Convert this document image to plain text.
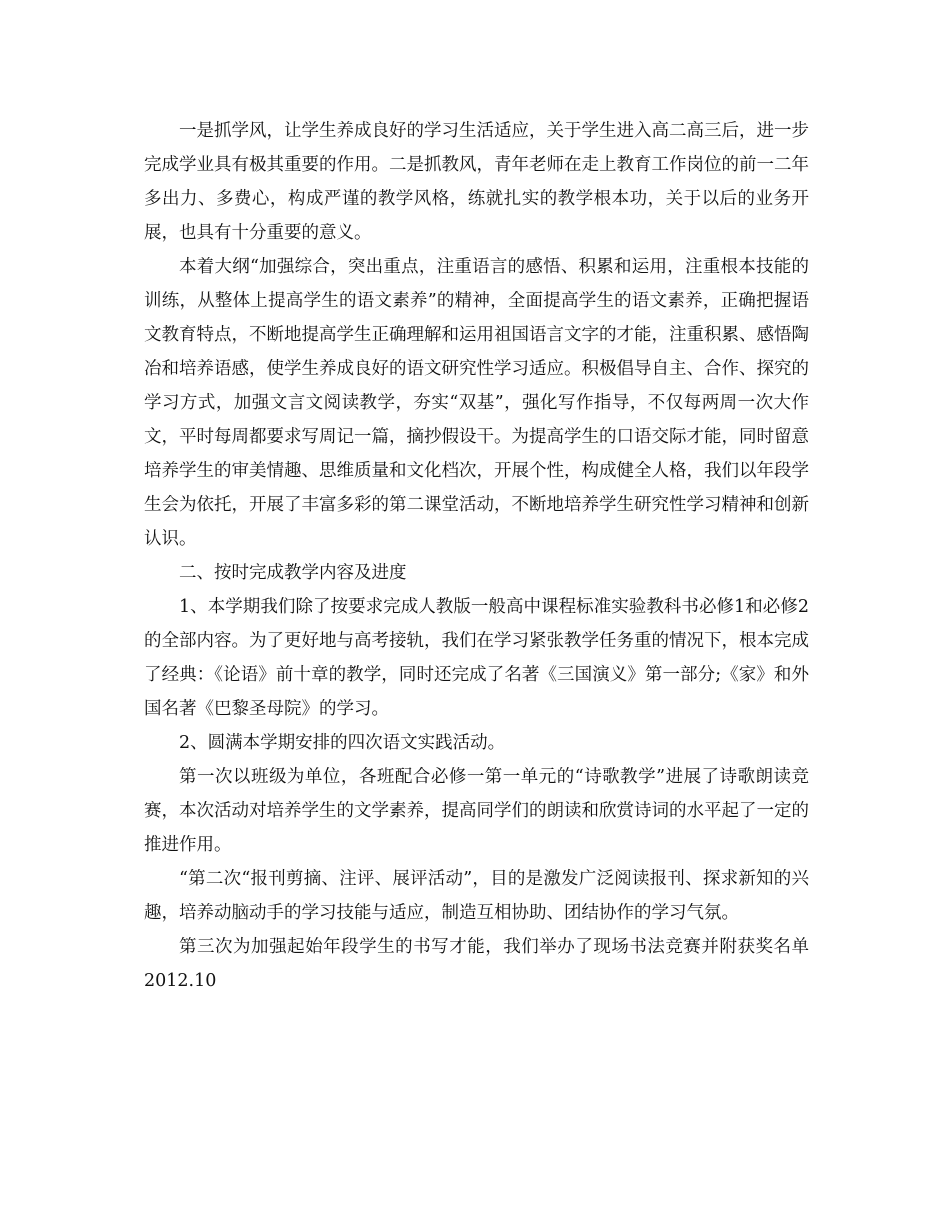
一是抓学风，让学生养成良好的学习生活适应，关于学生进入高二高三后，进一步完成学业具有极其重要的作用。二是抓教风，青年老师在走上教育工作岗位的前一二年多出力、多费心，构成严谨的教学风格，练就扎实的教学根本功，关于以后的业务开展，也具有十分重要的意义。

本着大纲“加强综合，突出重点，注重语言的感悟、积累和运用，注重根本技能的训练，从整体上提高学生的语文素养”的精神，全面提高学生的语文素养，正确把握语文教育特点，不断地提高学生正确理解和运用祖国语言文字的才能，注重积累、感悟陶冶和培养语感，使学生养成良好的语文研究性学习适应。积极倡导自主、合作、探究的学习方式，加强文言文阅读教学，夯实“双基”，强化写作指导，不仅每两周一次大作文，平时每周都要求写周记一篇，摘抄假设干。为提高学生的口语交际才能，同时留意培养学生的审美情趣、思维质量和文化档次，开展个性，构成健全人格，我们以年段学生会为依托，开展了丰富多彩的第二课堂活动，不断地培养学生研究性学习精神和创新认识。

二、按时完成教学内容及进度

1、本学期我们除了按要求完成人教版一般高中课程标准实验教科书必修1和必修2的全部内容。为了更好地与高考接轨，我们在学习紧张教学任务重的情况下，根本完成了经典：《论语》前十章的教学，同时还完成了名著《三国演义》第一部分;《家》和外国名著《巴黎圣母院》的学习。

2、圆满本学期安排的四次语文实践活动。

第一次以班级为单位，各班配合必修一第一单元的“诗歌教学”进展了诗歌朗读竞赛，本次活动对培养学生的文学素养，提高同学们的朗读和欣赏诗词的水平起了一定的推进作用。

“第二次“报刊剪摘、注评、展评活动”，目的是激发广泛阅读报刊、探求新知的兴趣，培养动脑动手的学习技能与适应，制造互相协助、团结协作的学习气氛。

第三次为加强起始年段学生的书写才能，我们举办了现场书法竞赛并附获奖名单2012.10
